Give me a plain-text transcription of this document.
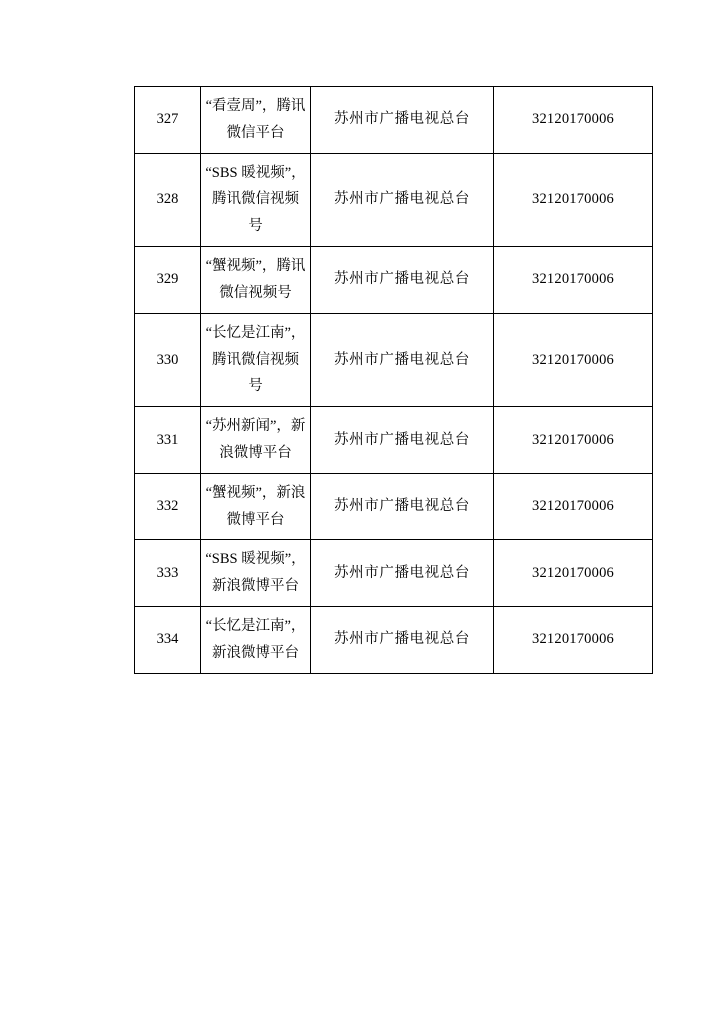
327	“看壹周”，腾讯微信平台	苏州市广播电视总台	32120170006
328	“SBS 暖视频”，腾讯微信视频号	苏州市广播电视总台	32120170006
329	“蟹视频”，腾讯微信视频号	苏州市广播电视总台	32120170006
330	“长忆是江南”，腾讯微信视频号	苏州市广播电视总台	32120170006
331	“苏州新闻”，新浪微博平台	苏州市广播电视总台	32120170006
332	“蟹视频”，新浪微博平台	苏州市广播电视总台	32120170006
333	“SBS 暖视频”，新浪微博平台	苏州市广播电视总台	32120170006
334	“长忆是江南”，新浪微博平台	苏州市广播电视总台	32120170006
